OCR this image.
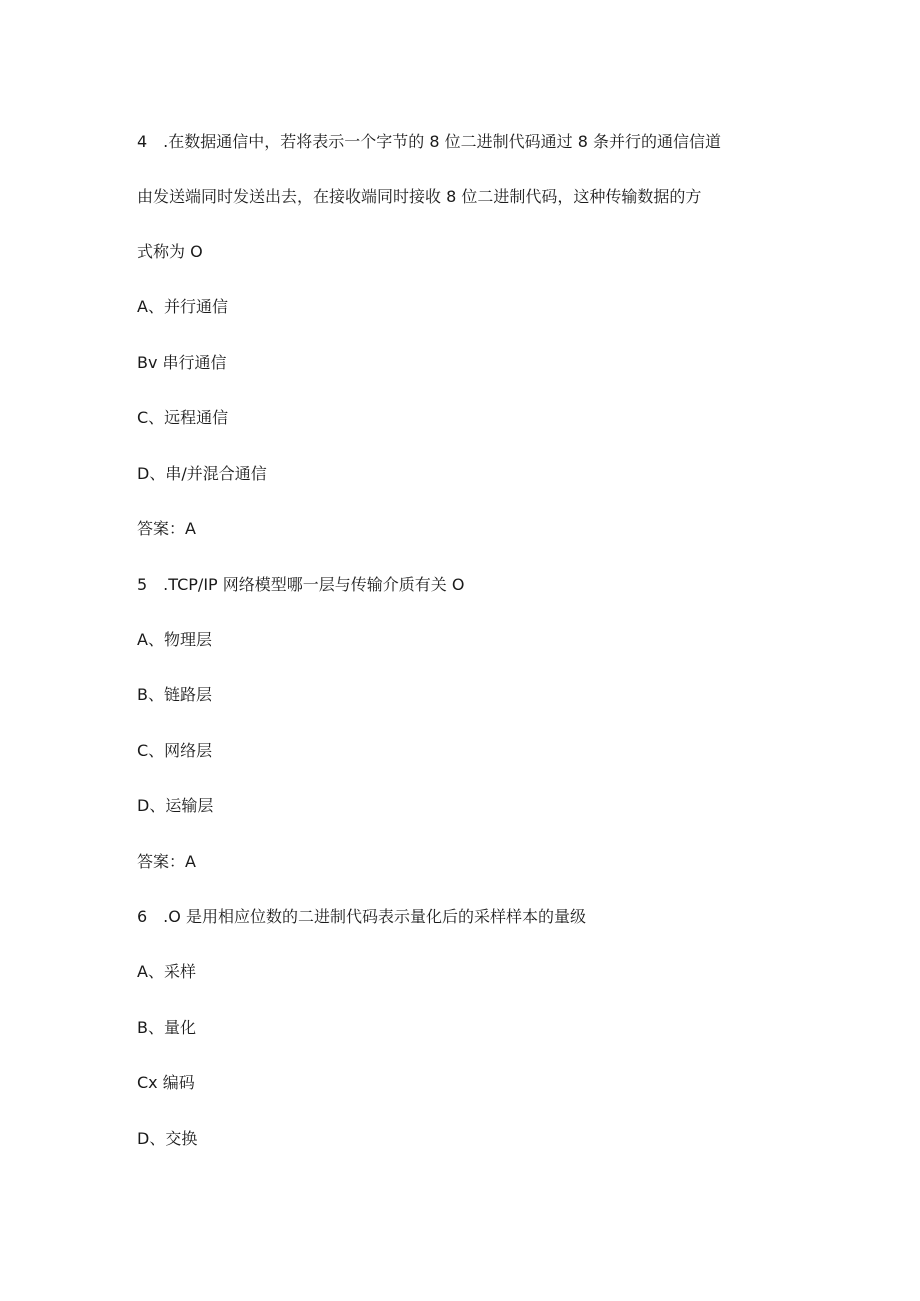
4　.在数据通信中，若将表示一个字节的 8 位二进制代码通过 8 条并行的通信信道
由发送端同时发送出去，在接收端同时接收 8 位二进制代码，这种传输数据的方
式称为 O
A、并行通信
Bv 串行通信
C、远程通信
D、串/并混合通信
答案：A
5　.TCP/IP 网络模型哪一层与传输介质有关 O
A、物理层
B、链路层
C、网络层
D、运输层
答案：A
6　.O 是用相应位数的二进制代码表示量化后的采样样本的量级
A、采样
B、量化
Cx 编码
D、交换
